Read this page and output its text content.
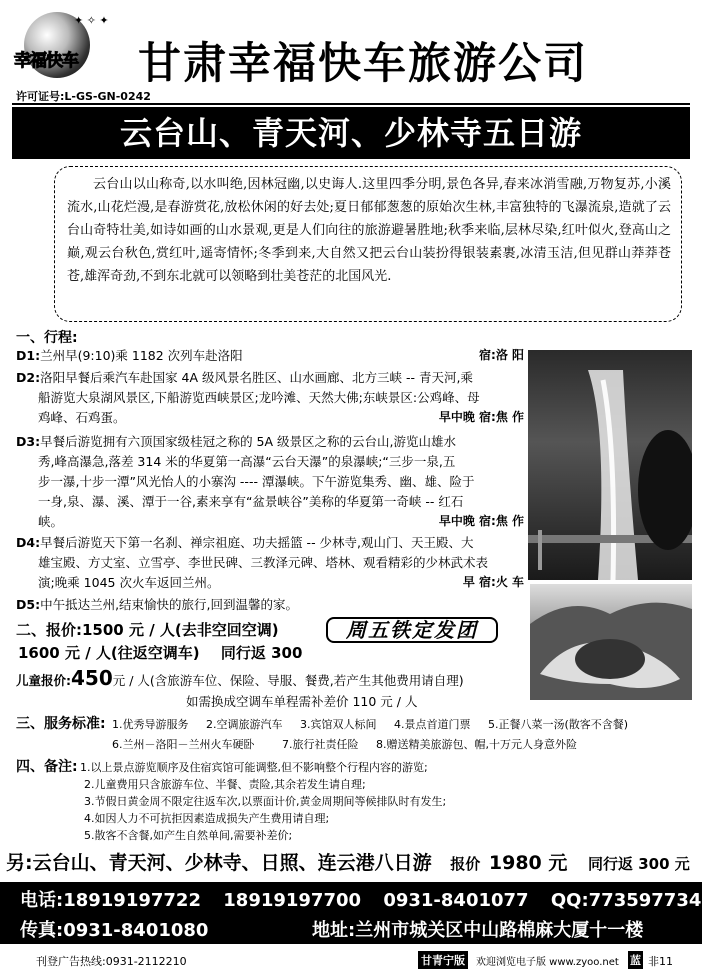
✦ ✧ ✦
幸福快车
许可证号:L-GS-GN-0242
甘肃幸福快车旅游公司
云台山、青天河、少林寺五日游
云台山以山称奇,以水叫绝,因林冠幽,以史诲人.这里四季分明,景色各异,春来冰消雪融,万物复苏,小溪流水,山花烂漫,是春游赏花,放松休闲的好去处;夏日郁郁葱葱的原始次生林,丰富独特的飞瀑流泉,造就了云台山奇特壮美,如诗如画的山水景观,更是人们向往的旅游避暑胜地;秋季来临,层林尽染,红叶似火,登高山之巅,观云台秋色,赏红叶,遥寄情怀;冬季到来,大自然又把云台山装扮得银装素裹,冰清玉洁,但见群山莽莽苍苍,雄浑奇劲,不到东北就可以领略到壮美苍茫的北国风光.
一、行程:
D1:兰州早(9:10)乘 1182 次列车赴洛阳	宿:洛 阳
D2:洛阳早餐后乘汽车赴国家 4A 级风景名胜区、山水画廊、北方三峡 -- 青天河,乘
船游览大泉湖风景区,下船游览西峡景区;龙吟滩、天然大佛;东峡景区:公鸡峰、母
鸡峰、石鸡蛋。	早中晚 宿:焦 作
D3:早餐后游览拥有六顶国家级桂冠之称的 5A 级景区之称的云台山,游览山雄水
秀,峰高瀑急,落差 314 米的华夏第一高瀑“云台天瀑”的泉瀑峡;“三步一泉,五
步一瀑,十步一潭”风光怡人的小寨沟 ---- 潭瀑峡。下午游览集秀、幽、雄、险于
一身,泉、瀑、溪、潭于一谷,素来享有“盆景峡谷”美称的华夏第一奇峡 -- 红石
峡。	早中晚 宿:焦 作
D4:早餐后游览天下第一名刹、禅宗祖庭、功夫摇篮 -- 少林寺,观山门、天王殿、大
雄宝殿、方丈室、立雪亭、李世民碑、三教泽元碑、塔林、观看精彩的少林武术表
演;晚乘 1045 次火车返回兰州。	早 宿:火 车
D5:中午抵达兰州,结束愉快的旅行,回到温馨的家。
二、报价:1500 元 / 人(去非空回空调)	周五铁定发团
1600 元 / 人(往返空调车) 同行返 300
儿童报价:450元 / 人(含旅游车位、保险、导服、餐费,若产生其他费用请自理)
如需换成空调车单程需补差价 110 元 / 人
三、服务标准: 1.优秀导游服务 2.空调旅游汽车 3.宾馆双人标间 4.景点首道门票 5.正餐八菜一汤(散客不含餐)
6.兰州－洛阳－兰州火车硬卧	7.旅行社责任险 8.赠送精美旅游包、帽,十万元人身意外险
四、备注: 1.以上景点游览顺序及住宿宾馆可能调整,但不影响整个行程内容的游览;
2.儿童费用只含旅游车位、半餐、责险,其余若发生请自理;
3.节假日黄金周不限定往返车次,以票面计价,黄金周期间等候排队时有发生;
4.如因人力不可抗拒因素造成损失产生费用请自理;
5.散客不含餐,如产生自然单间,需要补差价;
另:云台山、青天河、少林寺、日照、连云港八日游 报价 1980 元 同行返 300 元
电话:18919197722 18919197700 0931-8401077 QQ:773597734
传真:0931-8401080	地址:兰州市城关区中山路棉麻大厦十一楼
刊登广告热线:0931-2112210	甘青宁版	欢迎浏览电子版 www.zyoo.net 蓝 非11
